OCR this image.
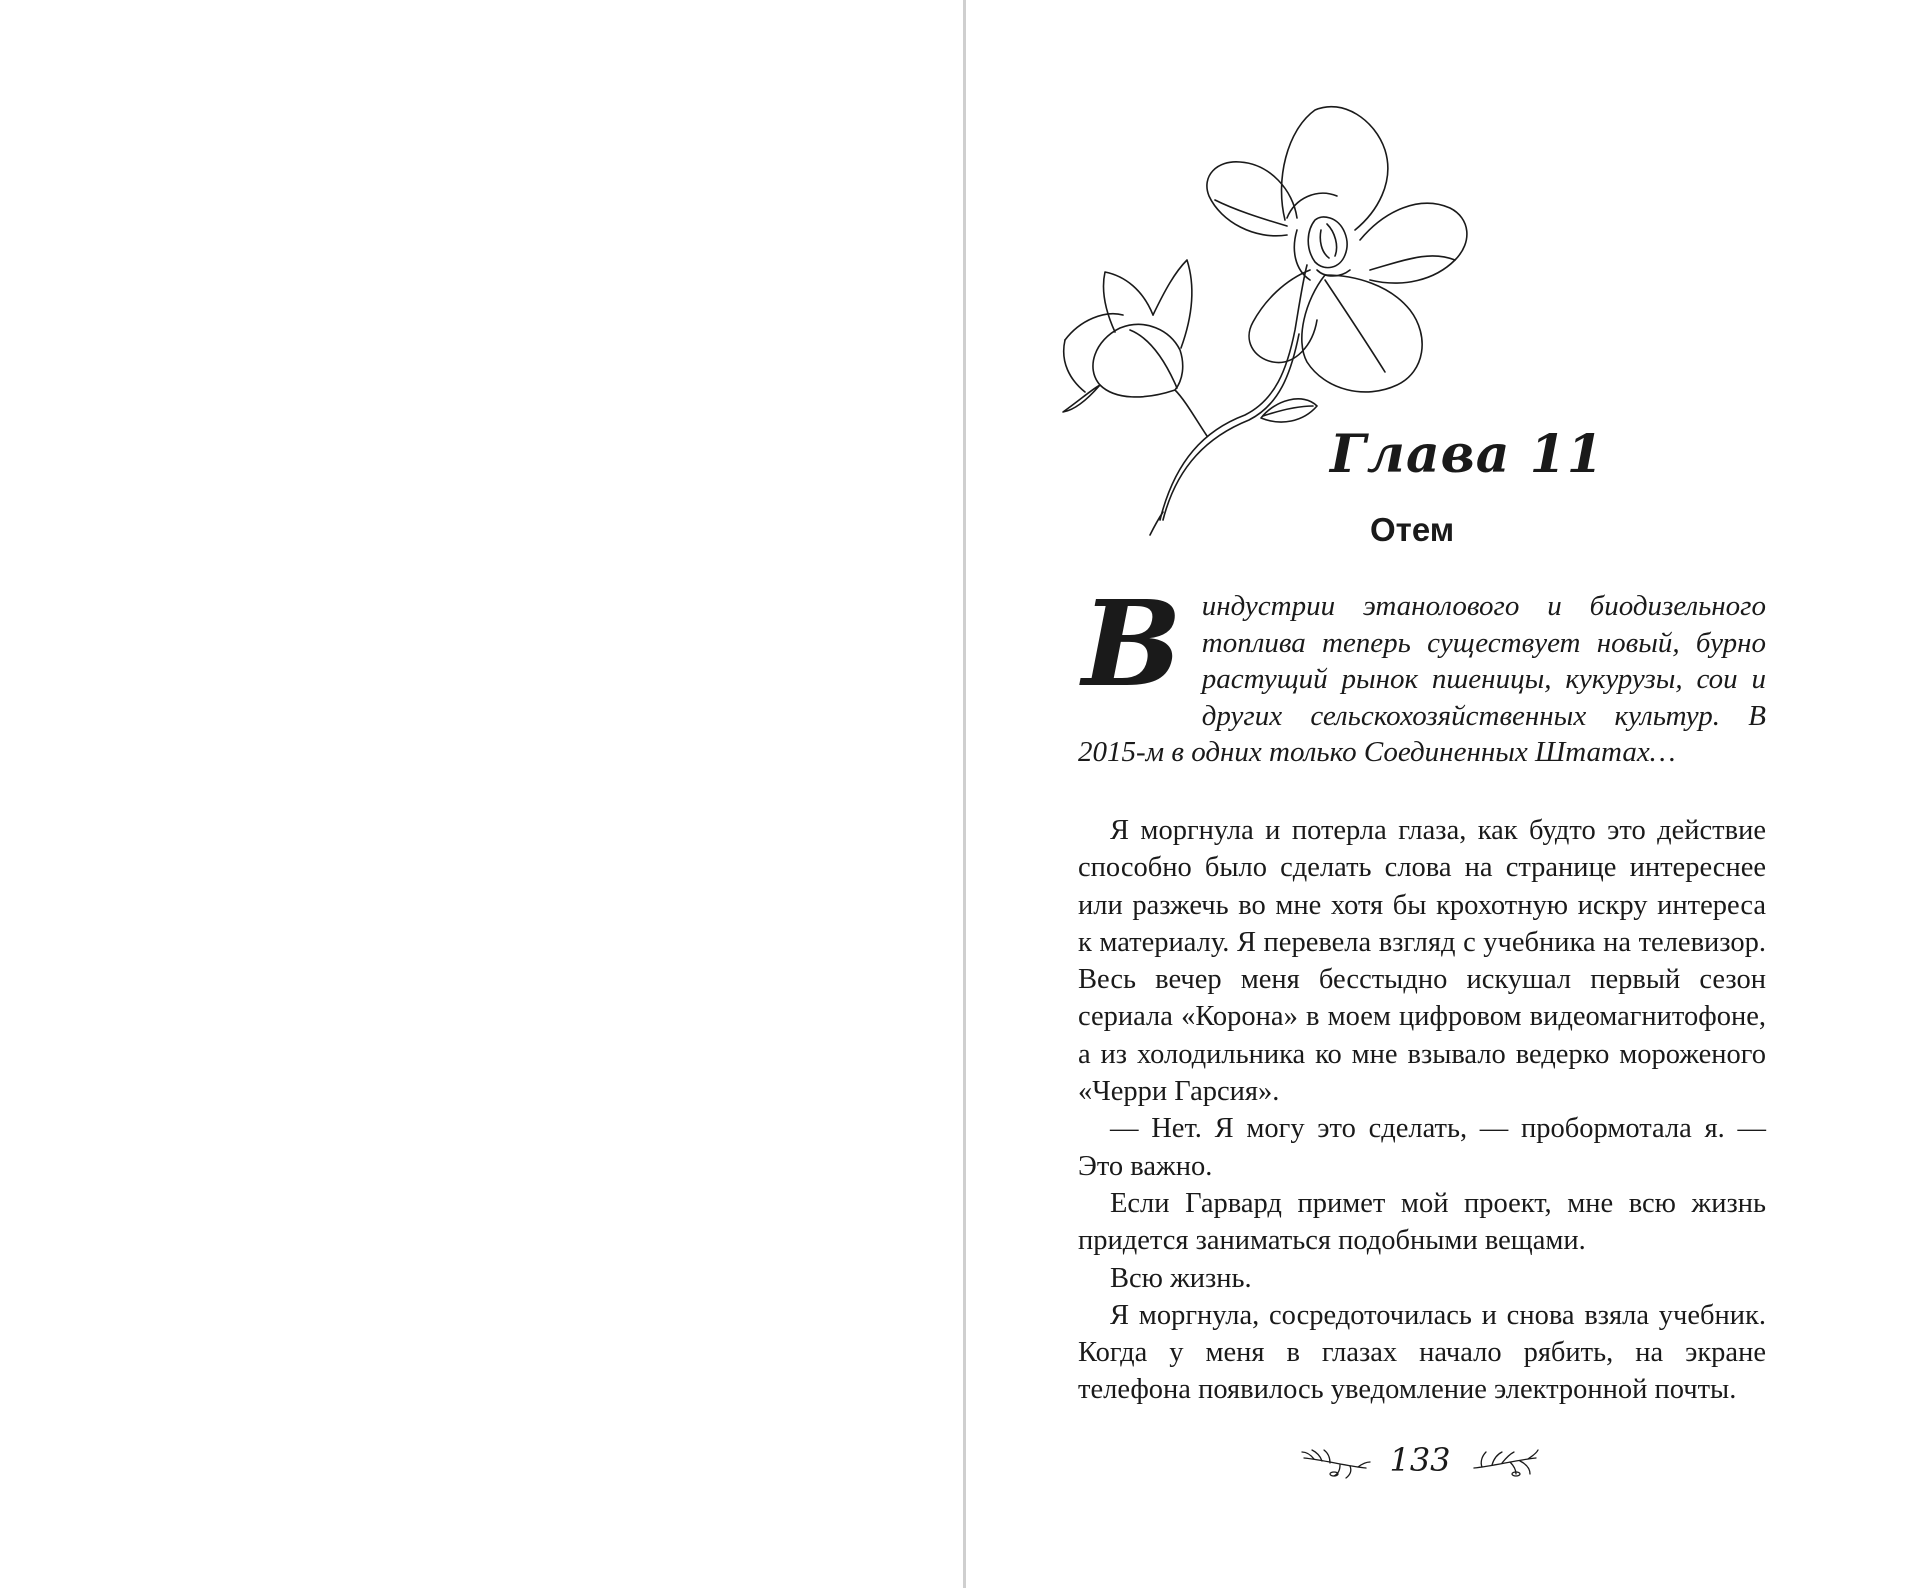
Глава 11
Отем
В индустрии этанолового и биодизельного топлива теперь существует новый, бурно растущий рынок пшеницы, кукурузы, сои и других сельскохозяйственных культур. В 2015-м в одних только Соединенных Штатах…

Я моргнула и потерла глаза, как будто это действие способно было сделать слова на странице интереснее или разжечь во мне хотя бы крохотную искру интереса к материалу. Я перевела взгляд с учебника на телевизор. Весь вечер меня бесстыдно искушал первый сезон сериала «Корона» в моем цифровом видеомагнитофоне, а из холодильника ко мне взывало ведерко мороженого «Черри Гарсия».

— Нет. Я могу это сделать, — пробормотала я. — Это важно.

Если Гарвард примет мой проект, мне всю жизнь придется заниматься подобными вещами.

Всю жизнь.

Я моргнула, сосредоточилась и снова взяла учебник. Когда у меня в глазах начало рябить, на экране телефона появилось уведомление электронной почты.

133
